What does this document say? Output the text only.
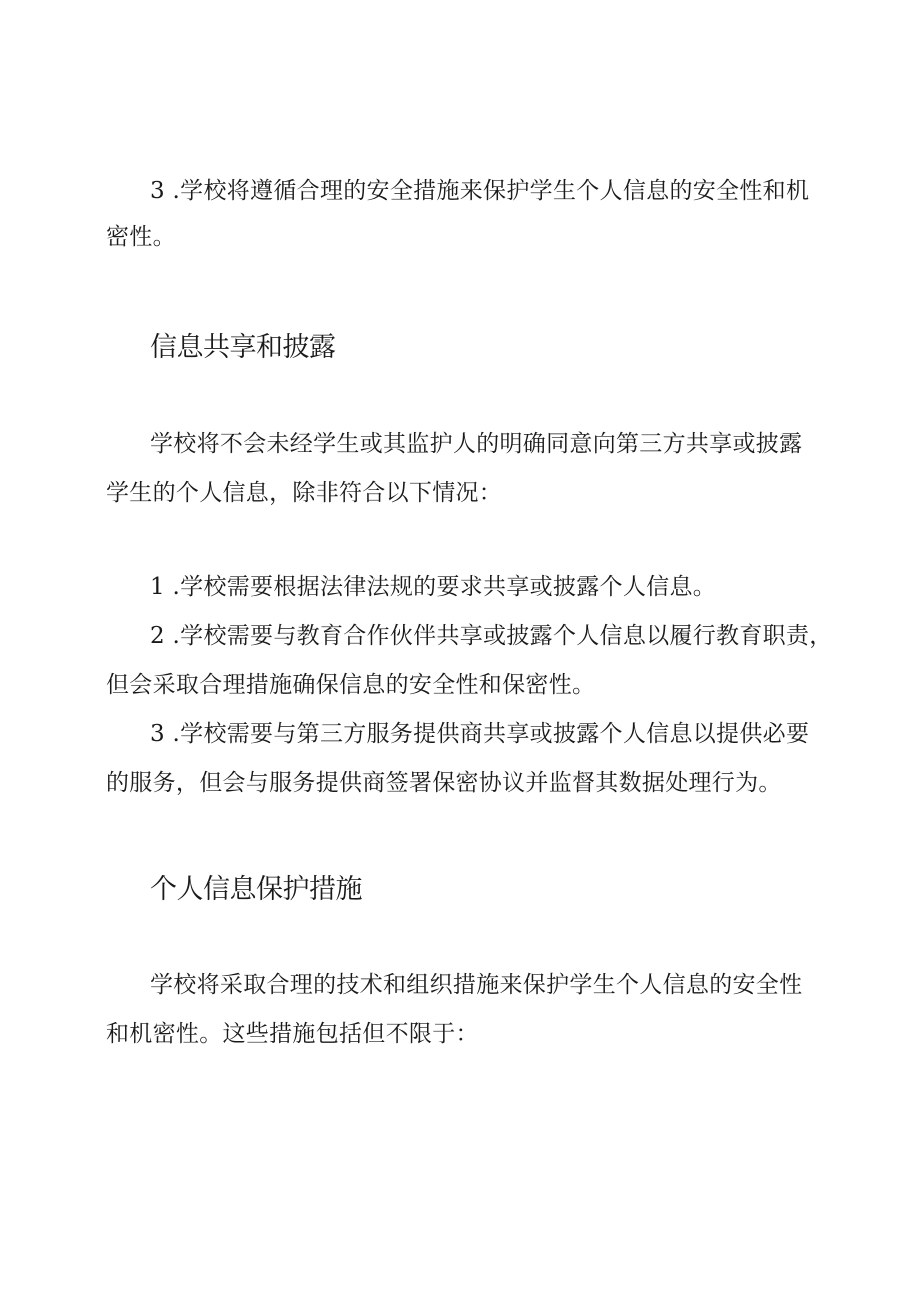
3 .学校将遵循合理的安全措施来保护学生个人信息的安全性和机

密性。

信息共享和披露

学校将不会未经学生或其监护人的明确同意向第三方共享或披露

学生的个人信息，除非符合以下情况：

1 .学校需要根据法律法规的要求共享或披露个人信息。

2 .学校需要与教育合作伙伴共享或披露个人信息以履行教育职责，

但会采取合理措施确保信息的安全性和保密性。

3 .学校需要与第三方服务提供商共享或披露个人信息以提供必要

的服务，但会与服务提供商签署保密协议并监督其数据处理行为。

个人信息保护措施

学校将采取合理的技术和组织措施来保护学生个人信息的安全性

和机密性。这些措施包括但不限于：
